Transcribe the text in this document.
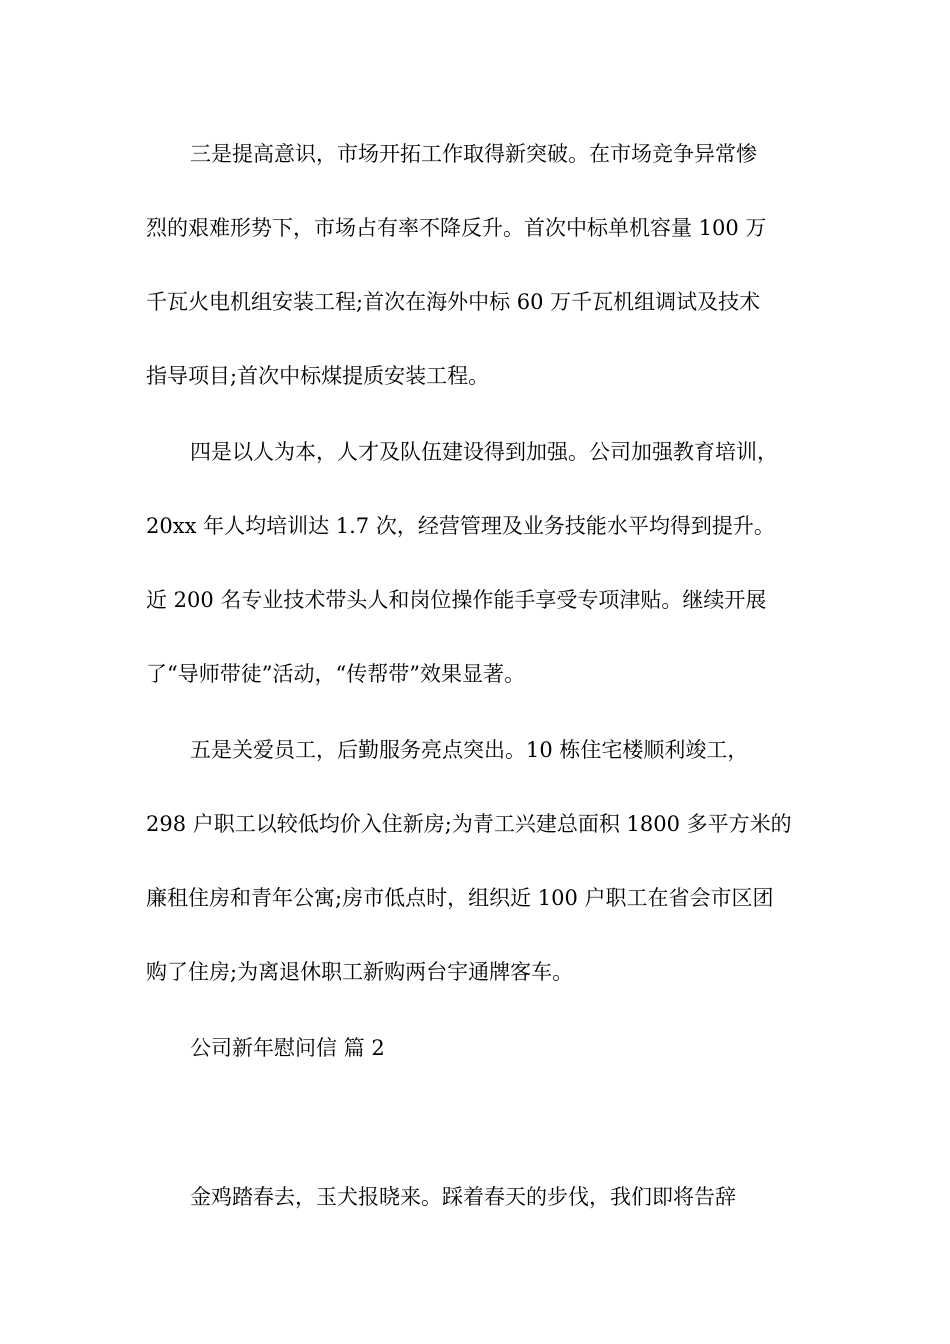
三是提高意识，市场开拓工作取得新突破。在市场竞争异常惨
烈的艰难形势下，市场占有率不降反升。首次中标单机容量 100 万
千瓦火电机组安装工程;首次在海外中标 60 万千瓦机组调试及技术
指导项目;首次中标煤提质安装工程。
四是以人为本，人才及队伍建设得到加强。公司加强教育培训，
20xx 年人均培训达 1.7 次，经营管理及业务技能水平均得到提升。
近 200 名专业技术带头人和岗位操作能手享受专项津贴。继续开展
了“导师带徒”活动，“传帮带”效果显著。
五是关爱员工，后勤服务亮点突出。10 栋住宅楼顺利竣工，
298 户职工以较低均价入住新房;为青工兴建总面积 1800 多平方米的
廉租住房和青年公寓;房市低点时，组织近 100 户职工在省会市区团
购了住房;为离退休职工新购两台宇通牌客车。
公司新年慰问信 篇 2
金鸡踏春去，玉犬报晓来。踩着春天的步伐，我们即将告辞
